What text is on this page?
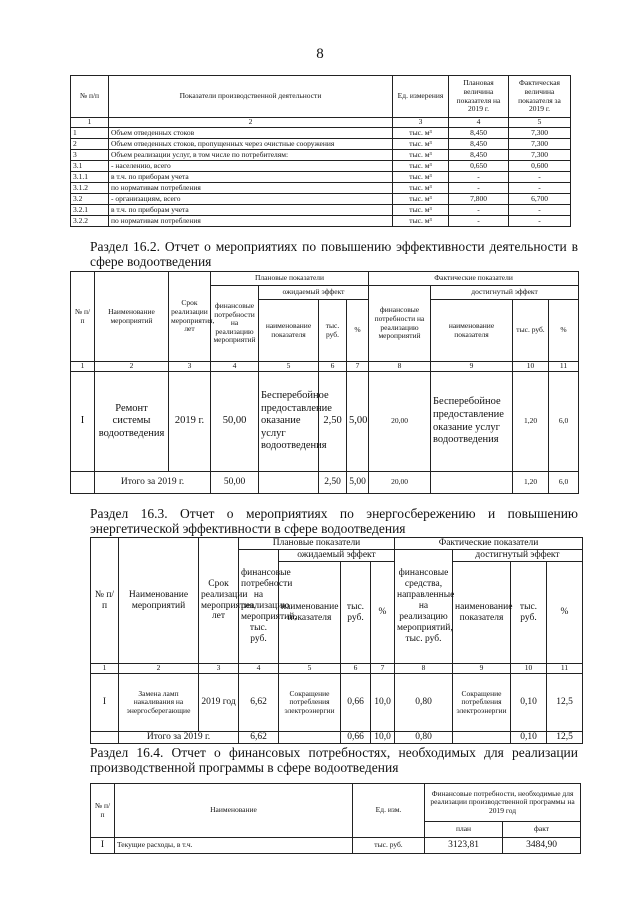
8
№ п/п	Показатели производственной деятельности	Ед. измерения	Плановая величина показателя на 2019 г.	Фактическая величина показателя за 2019 г.
1	2	3	4	5
1	Объем отведенных стоков	тыс. м³	8,450	7,300
2	Объем отведенных стоков, пропущенных через очистные сооружения	тыс. м³	8,450	7,300
3	Объем реализации услуг, в том числе по потребителям:	тыс. м³	8,450	7,300
3.1	- населению, всего	тыс. м³	0,650	0,600
3.1.1	в т.ч. по приборам учета	тыс. м³	-	-
3.1.2	по нормативам потребления	тыс. м³	-	-
3.2	- организациям, всего	тыс. м³	7,800	6,700
3.2.1	в т.ч. по приборам учета	тыс. м³	-	-
3.2.2	по нормативам потребления	тыс. м³	-	-
Раздел 16.2. Отчет о мероприятиях по повышению эффективности деятельности в сфере водоотведения
№ п/ п	Наименование мероприятий	Срок реализации мероприятия, лет	Плановые показатели				Фактические показатели			
			финансовые потребности на реализацию мероприятий	ожидаемый эффект			финансовые потребности на реализацию мероприятий	достигнутый эффект		
				наименование показателя	тыс. руб.	%		наименование показателя	тыс. руб.	%
1	2	3	4	5	6	7	8	9	10	11
I	Ремонт системы водоотведения	2019 г.	50,00	Бесперебойное предоставление оказание услуг водоотведения	2,50	5,00	20,00	Бесперебойное предоставление оказание услуг водоотведения	1,20	6,0
	Итого за 2019 г.		50,00		2,50	5,00	20,00		1,20	6,0
Раздел 16.3. Отчет о мероприятиях по энергосбережению и повышению энергетической эффективности в сфере водоотведения
№ п/п	Наименование мероприятий	Срок реализации мероприятия, лет	Плановые показатели				Фактические показатели			
			финансовые потребности на реализацию мероприятий, тыс. руб.	ожидаемый эффект			финансовые средства, направленные на реализацию мероприятий, тыс. руб.	достигнутый эффект		
				наименование показателя	тыс. руб.	%		наименование показателя	тыс. руб.	%
1	2	3	4	5	6	7	8	9	10	11
I	Замена ламп накаливания на энергосберегающие	2019 год	6,62	Сокращение потребления электроэнергии	0,66	10,0	0,80	Сокращение потребления электроэнергии	0,10	12,5
	Итого за 2019 г.		6,62		0,66	10,0	0,80		0,10	12,5
Раздел 16.4. Отчет о финансовых потребностях, необходимых для реализации производственной программы в сфере водоотведения
№ п/п	Наименование	Ед. изм.	Финансовые потребности, необходимые для реализации производственной программы на 2019 год	
			план	факт
I	Текущие расходы, в т.ч.	тыс. руб.	3123,81	3484,90
